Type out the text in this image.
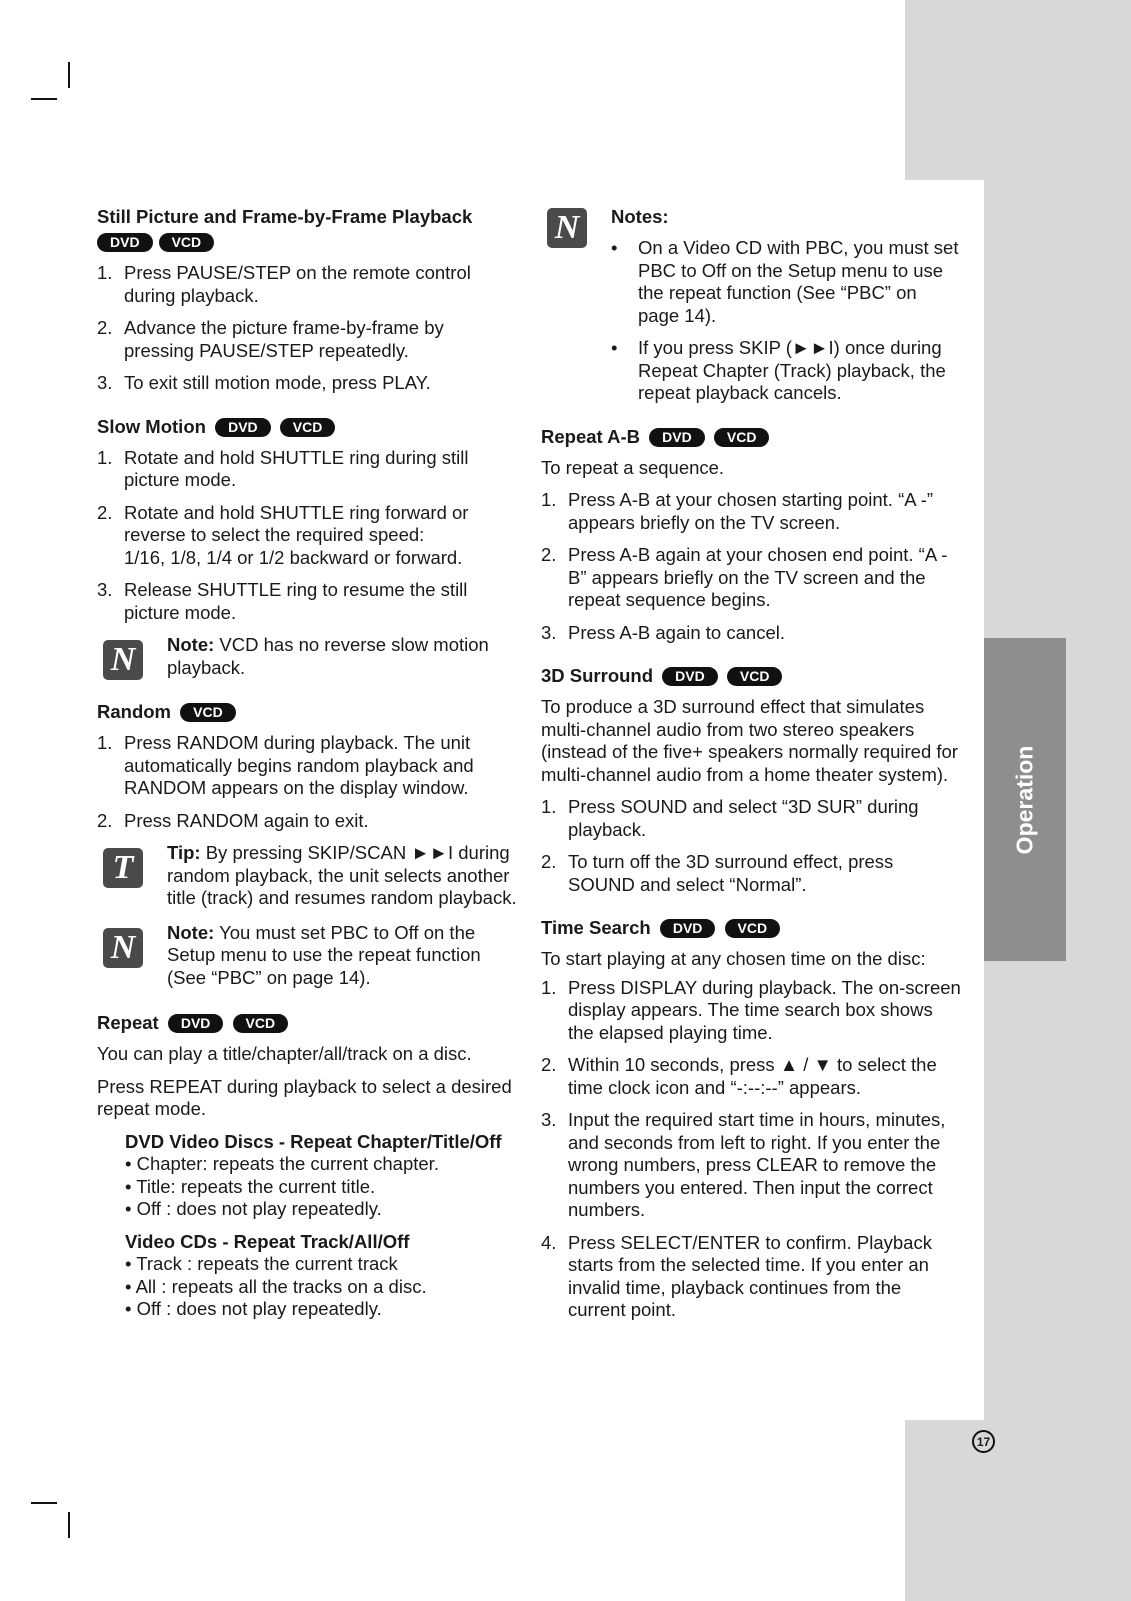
Operation
17
Still Picture and Frame-by-Frame Playback
DVD VCD
1. Press PAUSE/STEP on the remote control during playback.
2. Advance the picture frame-by-frame by pressing PAUSE/STEP repeatedly.
3. To exit still motion mode, press PLAY.
Slow Motion DVD	VCD
1. Rotate and hold SHUTTLE ring during still picture mode.
2. Rotate and hold SHUTTLE ring forward or reverse to select the required speed:
1/16, 1/8, 1/4 or 1/2 backward or forward.
3. Release SHUTTLE ring to resume the still picture mode.
N	Note: VCD has no reverse slow motion playback.
Random VCD
1. Press RANDOM during playback. The unit automatically begins random playback and RANDOM appears on the display window.
2. Press RANDOM again to exit.
T	Tip: By pressing SKIP/SCAN ►►I during random playback, the unit selects another title (track) and resumes random playback.
N	Note: You must set PBC to Off on the Setup menu to use the repeat function (See “PBC” on page 14).
Repeat DVD	VCD

You can play a title/chapter/all/track on a disc.

Press REPEAT during playback to select a desired repeat mode.

DVD Video Discs - Repeat Chapter/Title/Off
• Chapter: repeats the current chapter.
• Title: repeats the current title.
• Off : does not play repeatedly.
Video CDs - Repeat Track/All/Off
• Track : repeats the current track
• All : repeats all the tracks on a disc.
• Off : does not play repeatedly.
N	Notes:
• On a Video CD with PBC, you must set PBC to Off on the Setup menu to use the repeat function (See “PBC” on page 14).
• If you press SKIP (►►I) once during Repeat Chapter (Track) playback, the repeat playback cancels.
Repeat A-B DVD	VCD

To repeat a sequence.

1. Press A-B at your chosen starting point. “A -” appears briefly on the TV screen.
2. Press A-B again at your chosen end point. “A - B” appears briefly on the TV screen and the repeat sequence begins.
3. Press A-B again to cancel.
3D Surround DVD	VCD

To produce a 3D surround effect that simulates multi-channel audio from two stereo speakers (instead of the five+ speakers normally required for multi-channel audio from a home theater system).

1. Press SOUND and select “3D SUR” during playback.
2. To turn off the 3D surround effect, press SOUND and select “Normal”.
Time Search DVD	VCD

To start playing at any chosen time on the disc:

1. Press DISPLAY during playback. The on-screen display appears. The time search box shows the elapsed playing time.
2. Within 10 seconds, press ▲ / ▼ to select the time clock icon and “-:--:--” appears.
3. Input the required start time in hours, minutes, and seconds from left to right. If you enter the wrong numbers, press CLEAR to remove the numbers you entered. Then input the correct numbers.
4. Press SELECT/ENTER to confirm. Playback starts from the selected time. If you enter an invalid time, playback continues from the current point.
